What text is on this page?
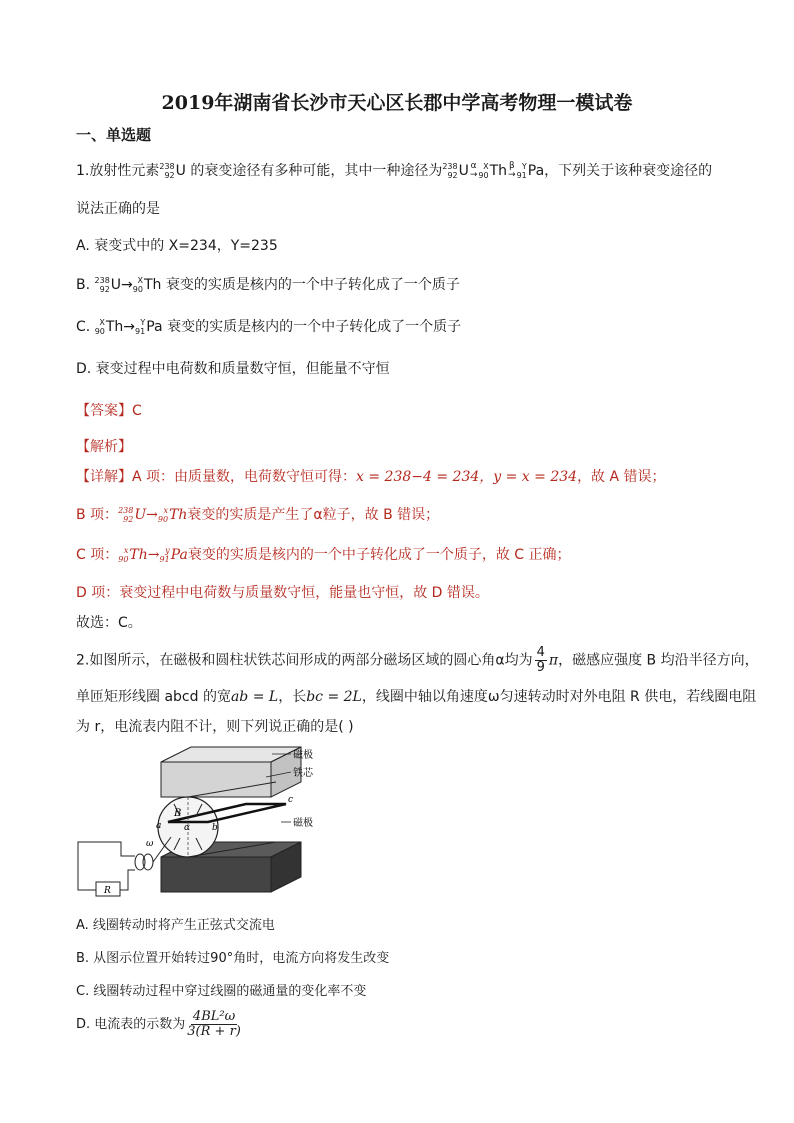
2019年湖南省长沙市天心区长郡中学高考物理一模试卷
一、单选题
1.放射性元素 238
92 U 的衰变途径有多种可能，其中一种途径为 238
92 U α
→
X
90 Th β
→
Y
91 Pa，下列关于该种衰变途径的
说法正确的是
A. 衰变式中的 X=234，Y=235
B. 238
92 U→ X
90 Th 衰变的实质是核内的一个中子转化成了一个质子
C. X
90 Th→ Y
91 Pa 衰变的实质是核内的一个中子转化成了一个质子
D. 衰变过程中电荷数和质量数守恒，但能量不守恒
【答案】C
【解析】
【详解】A 项：由质量数，电荷数守恒可得：x = 238−4 = 234，y = x = 234，故 A 错误；
B 项： 238
92 U→ x
90 Th衰变的实质是产生了α粒子，故 B 错误；
C 项： x
90 Th→ y
91 Pa衰变的实质是核内的一个中子转化成了一个质子，故 C 正确；
D 项：衰变过程中电荷数与质量数守恒，能量也守恒，故 D 错误。
故选：C。
2.如图所示，在磁极和圆柱状铁芯间形成的两部分磁场区域的圆心角α均为 $\frac{4}{9}$ π，磁感应强度 B 均沿半径方向，
单匝矩形线圈 abcd 的宽ab = L，长bc = 2L，线圈中轴以角速度ω匀速转动时对外电阻 R 供电，若线圈电阻
为 r，电流表内阻不计，则下列说正确的是( )
B
a	b
c
α
ω
R
磁极
铁芯
磁极
A. 线圈转动时将产生正弦式交流电
B. 从图示位置开始转过90°角时，电流方向将发生改变
C. 线圈转动过程中穿过线圈的磁通量的变化率不变
D. 电流表的示数为 $\frac{\text{4BL²ω}}{3(R + r)}$
